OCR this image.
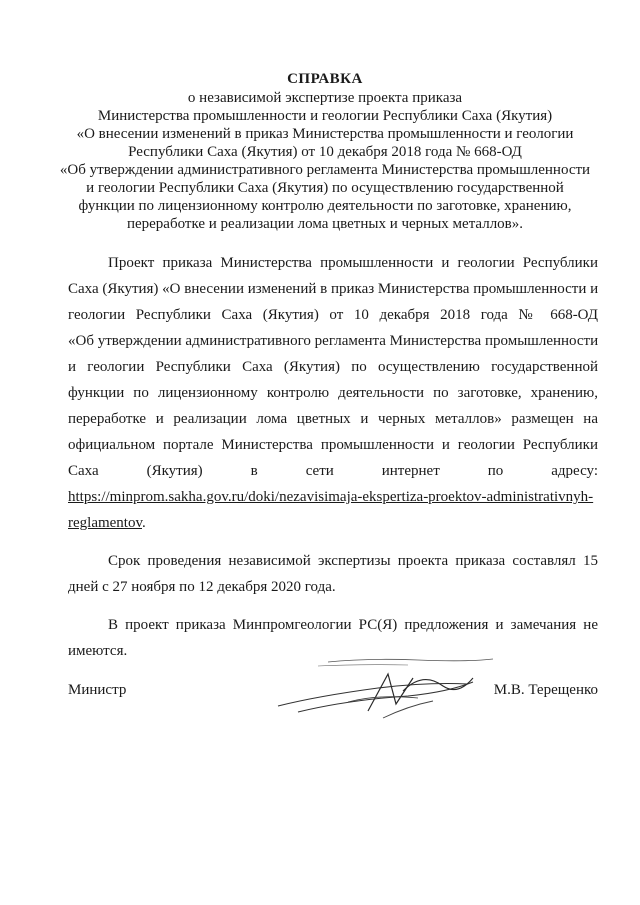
СПРАВКА
о независимой экспертизе проекта приказа
Министерства промышленности и геологии Республики Саха (Якутия)
«О внесении изменений в приказ Министерства промышленности и геологии
Республики Саха (Якутия) от 10 декабря 2018 года № 668-ОД
«Об утверждении административного регламента Министерства промышленности
и геологии Республики Саха (Якутия) по осуществлению государственной
функции по лицензионному контролю деятельности по заготовке, хранению,
переработке и реализации лома цветных и черных металлов».
Проект приказа Министерства промышленности и геологии Республики
Саха (Якутия) «О внесении изменений в приказ Министерства промышленности и
геологии Республики Саха (Якутия) от 10 декабря 2018 года № 668-ОД
«Об утверждении административного регламента Министерства промышленности
и геологии Республики Саха (Якутия) по осуществлению государственной
функции по лицензионному контролю деятельности по заготовке, хранению,
переработке и реализации лома цветных и черных металлов» размещен на
официальном портале Министерства промышленности и геологии Республики
Саха (Якутия) в сети интернет по адресу:
https://minprom.sakha.gov.ru/doki/nezavisimaja-ekspertiza-proektov-administrativnyh-
reglamentov.
Срок проведения независимой экспертизы проекта приказа составлял 15
дней с 27 ноября по 12 декабря 2020 года.
В проект приказа Минпромгеологии РС(Я) предложения и замечания не
имеются.
Министр	М.В. Терещенко
